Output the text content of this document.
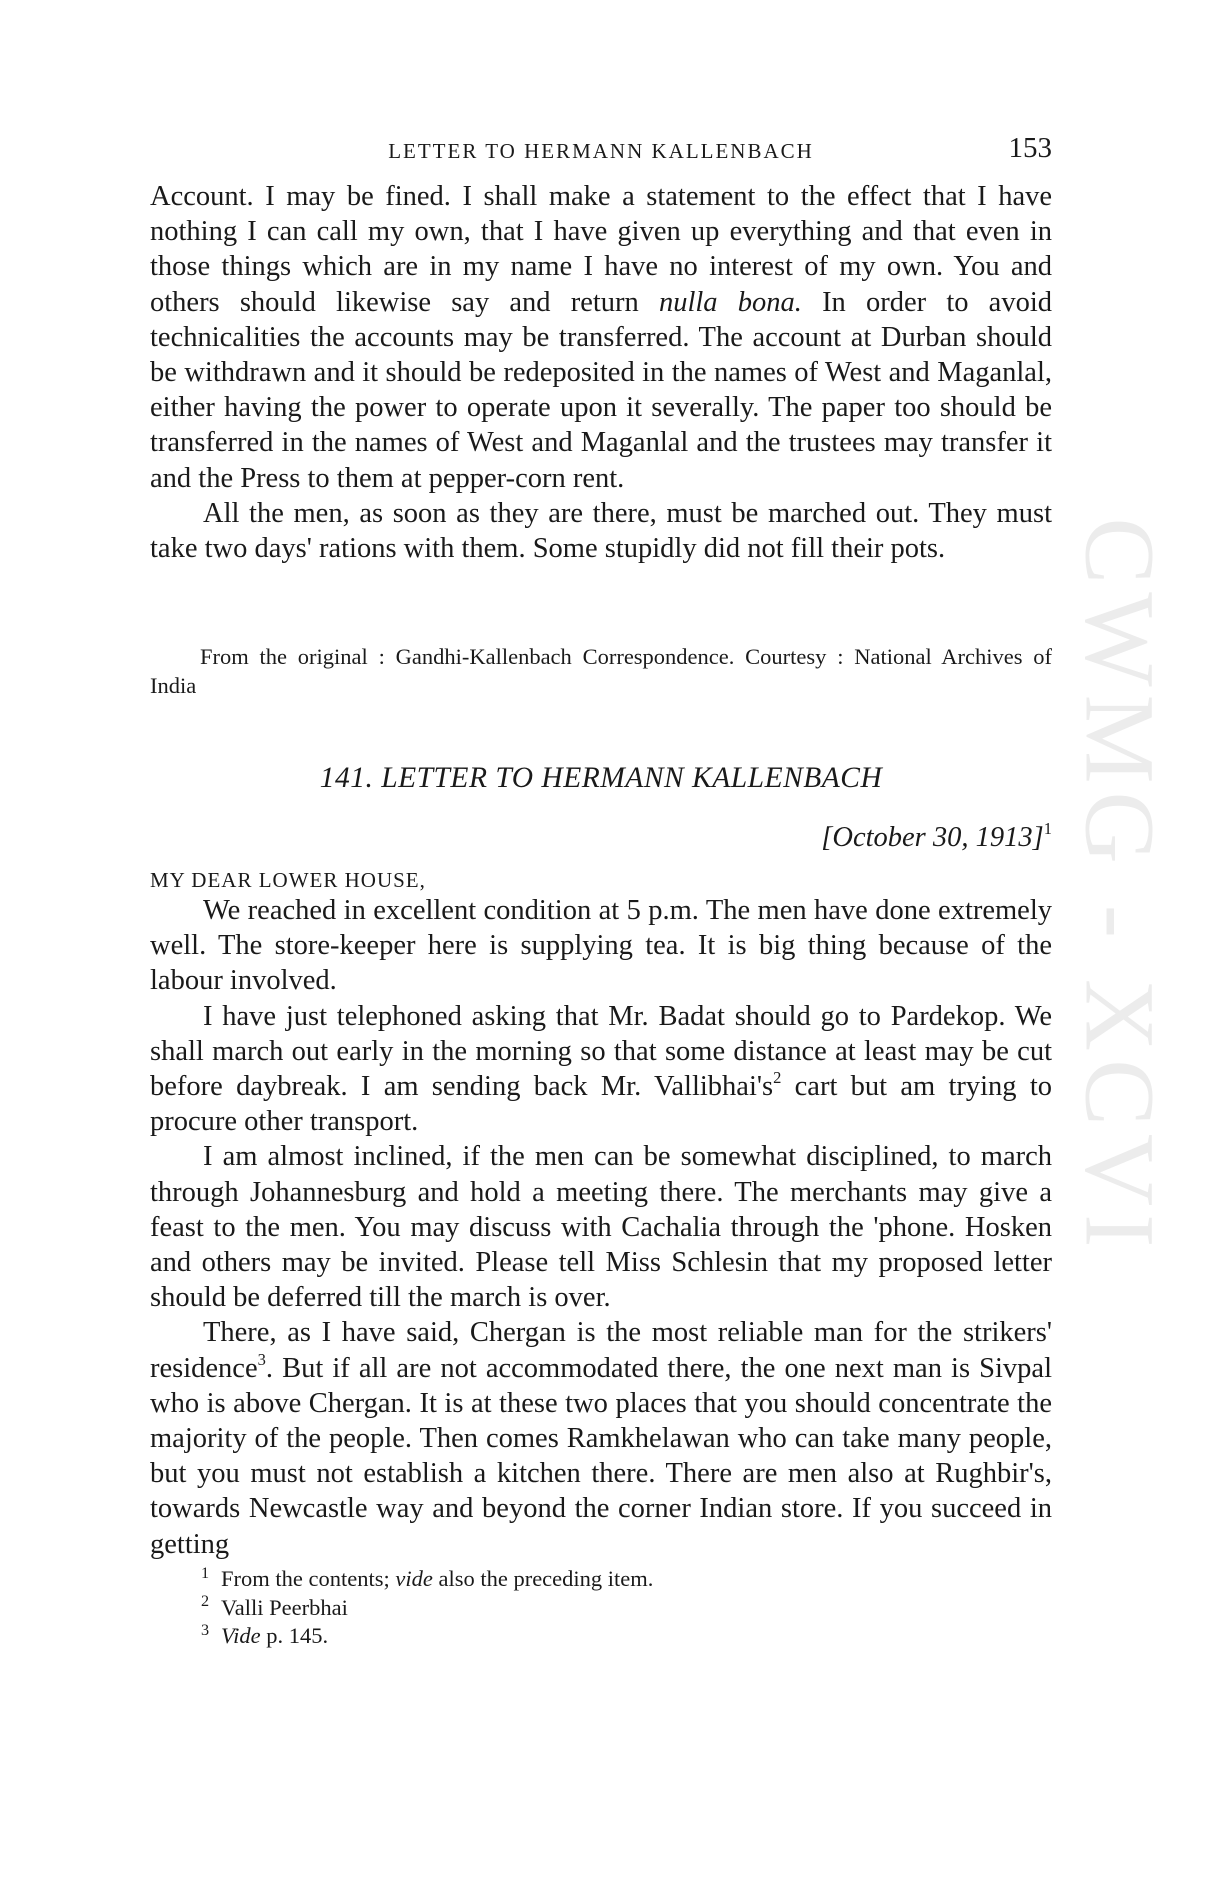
CWMG - XCVI
LETTER TO HERMANN KALLENBACH	153

Account. I may be fined. I shall make a statement to the effect that I have nothing I can call my own, that I have given up everything and that even in those things which are in my name I have no interest of my own. You and others should likewise say and return nulla bona. In order to avoid technicalities the accounts may be transferred. The account at Durban should be withdrawn and it should be redeposited in the names of West and Maganlal, either having the power to operate upon it severally. The paper too should be transferred in the names of West and Maganlal and the trustees may transfer it and the Press to them at pepper-corn rent.

All the men, as soon as they are there, must be marched out. They must take two days' rations with them. Some stupidly did not fill their pots.

From the original : Gandhi-Kallenbach Correspondence. Courtesy : National Archives of India
141. LETTER TO HERMANN KALLENBACH
[October 30, 1913]$^1$
MY DEAR LOWER HOUSE,

We reached in excellent condition at 5 p.m. The men have done extremely well. The store-keeper here is supplying tea. It is big thing because of the labour involved.

I have just telephoned asking that Mr. Badat should go to Pardekop. We shall march out early in the morning so that some distance at least may be cut before daybreak. I am sending back Mr. $Vallibhai's^2$ cart but am trying to procure other transport.

I am almost inclined, if the men can be somewhat disciplined, to march through Johannesburg and hold a meeting there. The merchants may give a feast to the men. You may discuss with Cachalia through the 'phone. Hosken and others may be invited. Please tell Miss Schlesin that my proposed letter should be deferred till the march is over.

There, as I have said, Chergan is the most reliable man for the strikers' residence$^3$. But if all are not accommodated there, the one next man is Sivpal who is above Chergan. It is at these two places that you should concentrate the majority of the people. Then comes Ramkhelawan who can take many people, but you must not establish a kitchen there. There are men also at Rughbir's, towards Newcastle way and beyond the corner Indian store. If you succeed in getting

1 From the contents; vide also the preceding item.
2 Valli Peerbhai
3 Vide p. 145.
